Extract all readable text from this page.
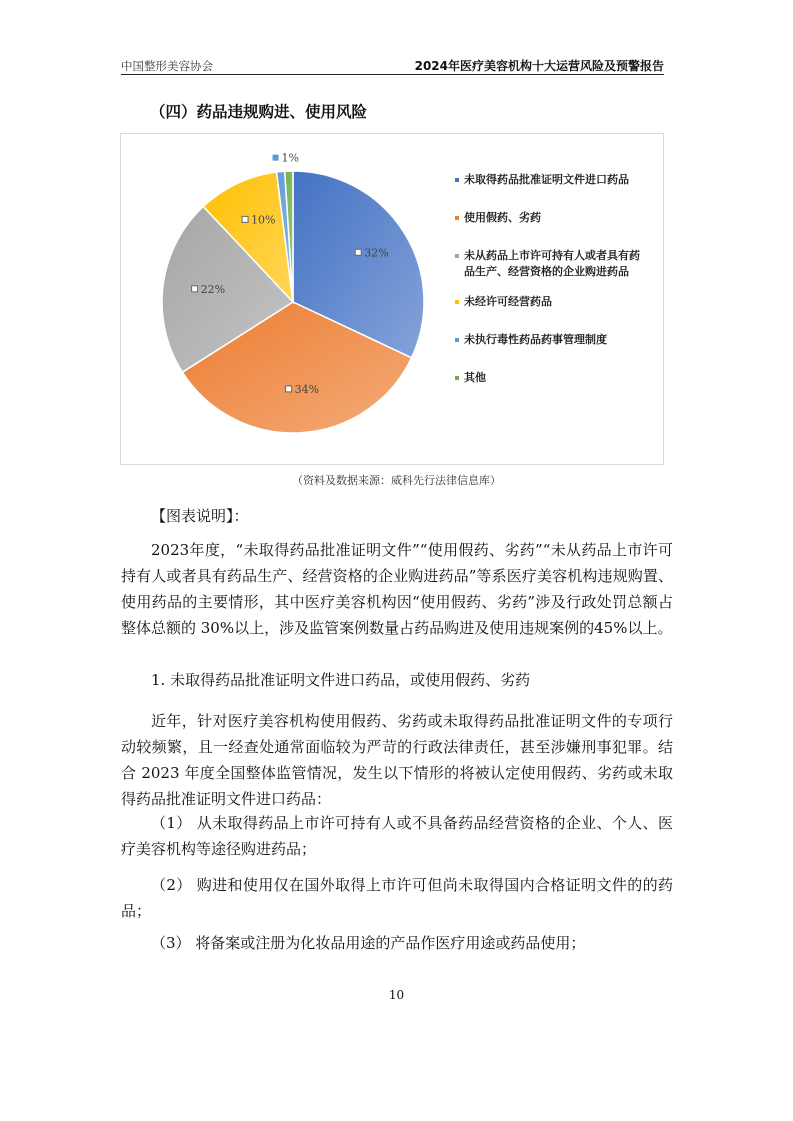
中国整形美容协会	2024年医疗美容机构十大运营风险及预警报告
（四）药品违规购进、使用风险
32%
34%
22%
10%
1%
未取得药品批准证明文件进口药品
使用假药、劣药
未从药品上市许可持有人或者具有药
品生产、经营资格的企业购进药品
未经许可经营药品
未执行毒性药品药事管理制度
其他
（资料及数据来源：威科先行法律信息库）
【图表说明】：
2023年度，“未取得药品批准证明文件”“使用假药、劣药”“未从药品上市许可持有人或者具有药品生产、经营资格的企业购进药品”等系医疗美容机构违规购置、使用药品的主要情形，其中医疗美容机构因“使用假药、劣药”涉及行政处罚总额占整体总额的 30%以上，涉及监管案例数量占药品购进及使用违规案例的45%以上。
1. 未取得药品批准证明文件进口药品，或使用假药、劣药
近年，针对医疗美容机构使用假药、劣药或未取得药品批准证明文件的专项行动较频繁，且一经查处通常面临较为严苛的行政法律责任，甚至涉嫌刑事犯罪。结合 2023 年度全国整体监管情况，发生以下情形的将被认定使用假药、劣药或未取得药品批准证明文件进口药品：
（1） 从未取得药品上市许可持有人或不具备药品经营资格的企业、个人、医疗美容机构等途径购进药品；
（2） 购进和使用仅在国外取得上市许可但尚未取得国内合格证明文件的的药品；
（3） 将备案或注册为化妆品用途的产品作医疗用途或药品使用；
10
